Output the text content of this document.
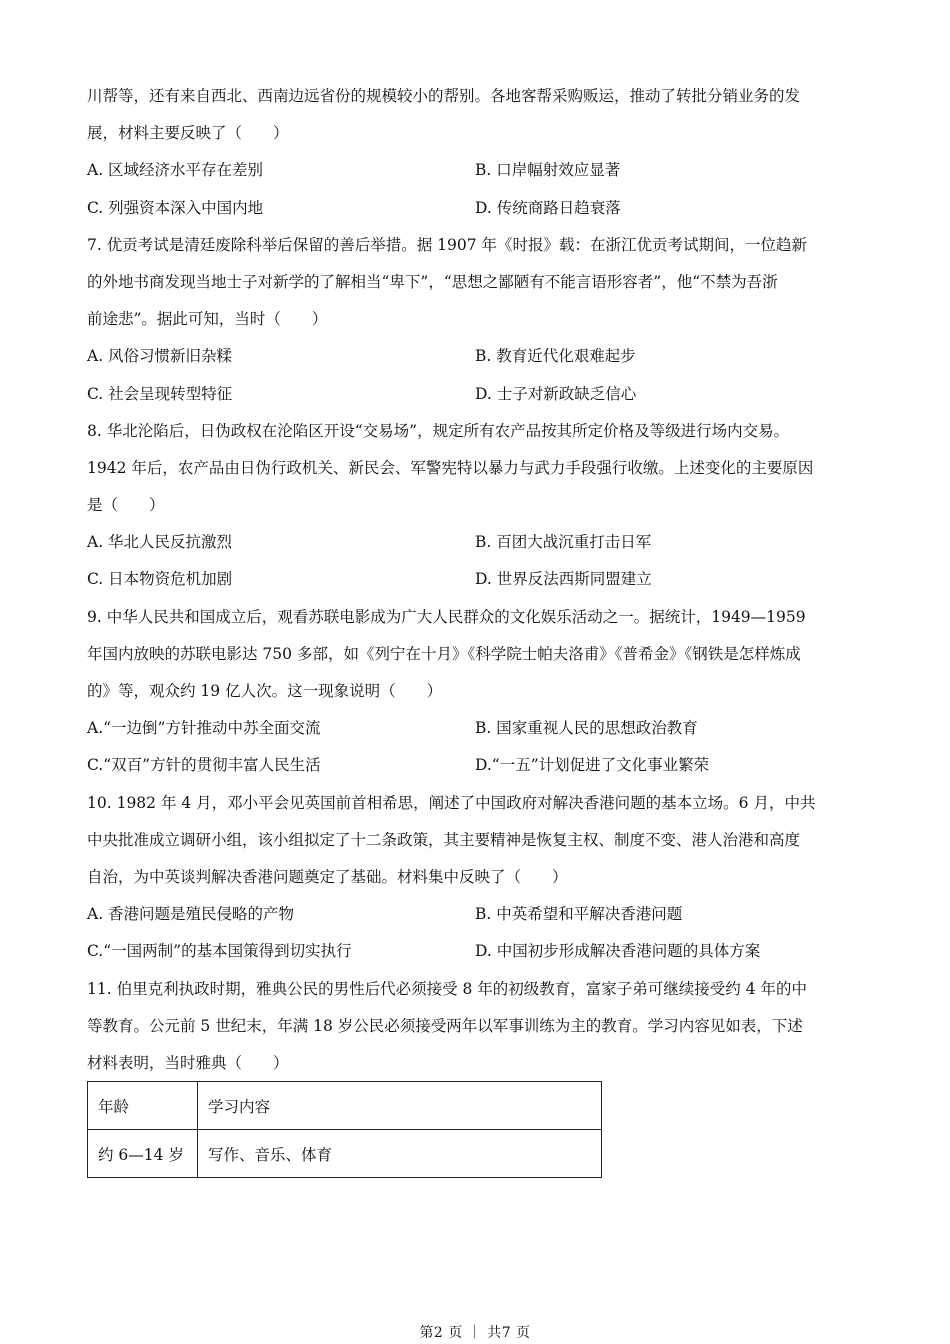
川帮等，还有来自西北、西南边远省份的规模较小的帮别。各地客帮采购贩运，推动了转批分销业务的发
展，材料主要反映了（　　）
A. 区域经济水平存在差别	B. 口岸幅射效应显著
C. 列强资本深入中国内地	D. 传统商路日趋衰落
7. 优贡考试是清廷废除科举后保留的善后举措。据 1907 年《时报》载：在浙江优贡考试期间，一位趋新
的外地书商发现当地士子对新学的了解相当“卑下”，“思想之鄙陋有不能言语形容者”，他“不禁为吾浙
前途悲”。据此可知，当时（　　）
A. 风俗习惯新旧杂糅	B. 教育近代化艰难起步
C. 社会呈现转型特征	D. 士子对新政缺乏信心
8. 华北沦陷后，日伪政权在沦陷区开设“交易场”，规定所有农产品按其所定价格及等级进行场内交易。
1942 年后，农产品由日伪行政机关、新民会、军警宪特以暴力与武力手段强行收缴。上述变化的主要原因
是（　　）
A. 华北人民反抗激烈	B. 百团大战沉重打击日军
C. 日本物资危机加剧	D. 世界反法西斯同盟建立
9. 中华人民共和国成立后，观看苏联电影成为广大人民群众的文化娱乐活动之一。据统计，1949—1959
年国内放映的苏联电影达 750 多部，如《列宁在十月》《科学院士帕夫洛甫》《普希金》《钢铁是怎样炼成
的》等，观众约 19 亿人次。这一现象说明（　　）
A.“一边倒”方针推动中苏全面交流	B. 国家重视人民的思想政治教育
C.“双百”方针的贯彻丰富人民生活	D.“一五”计划促进了文化事业繁荣
10. 1982 年 4 月，邓小平会见英国前首相希思，阐述了中国政府对解决香港问题的基本立场。6 月，中共
中央批准成立调研小组，该小组拟定了十二条政策，其主要精神是恢复主权、制度不变、港人治港和高度
自治，为中英谈判解决香港问题奠定了基础。材料集中反映了（　　）
A. 香港问题是殖民侵略的产物	B. 中英希望和平解决香港问题
C.“一国两制”的基本国策得到切实执行	D. 中国初步形成解决香港问题的具体方案
11. 伯里克利执政时期，雅典公民的男性后代必须接受 8 年的初级教育，富家子弟可继续接受约 4 年的中
等教育。公元前 5 世纪末，年满 18 岁公民必须接受两年以军事训练为主的教育。学习内容见如表，下述
材料表明，当时雅典（　　）
年龄	学习内容
约 6—14 岁	写作、音乐、体育
第2 页 ｜ 共7 页
